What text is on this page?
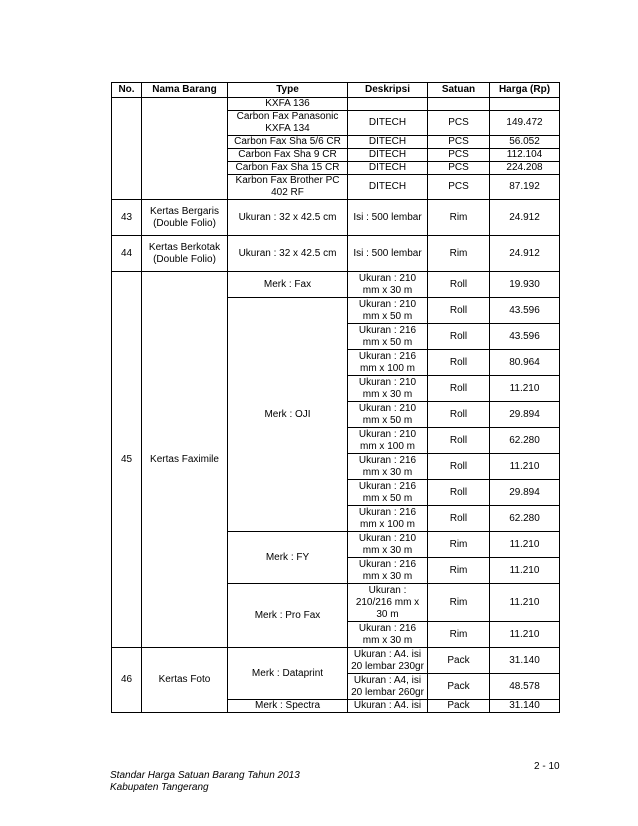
No.	Nama Barang	Type	Deskripsi	Satuan	Harga (Rp)
		KXFA 136			
		Carbon Fax Panasonic KXFA 134	DITECH	PCS	149.472
		Carbon Fax Sha 5/6 CR	DITECH	PCS	56.052
		Carbon Fax Sha 9 CR	DITECH	PCS	112.104
		Carbon Fax Sha 15 CR	DITECH	PCS	224.208
		Karbon Fax Brother PC 402 RF	DITECH	PCS	87.192
43	Kertas Bergaris (Double Folio)	Ukuran : 32 x 42.5 cm	Isi : 500 lembar	Rim	24.912
44	Kertas Berkotak (Double Folio)	Ukuran : 32 x 42.5 cm	Isi : 500 lembar	Rim	24.912
45	Kertas Faximile	Merk : Fax	Ukuran : 210 mm x 30 m	Roll	19.930
		Merk : OJI	Ukuran : 210 mm x 50 m	Roll	43.596
			Ukuran : 216 mm x 50 m	Roll	43.596
			Ukuran : 216 mm x 100 m	Roll	80.964
			Ukuran : 210 mm x 30 m	Roll	11.210
			Ukuran : 210 mm x 50 m	Roll	29.894
			Ukuran : 210 mm x 100 m	Roll	62.280
			Ukuran : 216 mm x 30 m	Roll	11.210
			Ukuran : 216 mm x 50 m	Roll	29.894
			Ukuran : 216 mm x 100 m	Roll	62.280
		Merk : FY	Ukuran : 210 mm x 30 m	Rim	11.210
			Ukuran : 216 mm x 30 m	Rim	11.210
		Merk : Pro Fax	Ukuran : 210/216 mm x 30 m	Rim	11.210
			Ukuran : 216 mm x 30 m	Rim	11.210
46	Kertas Foto	Merk : Dataprint	Ukuran : A4. isi 20 lembar 230gr	Pack	31.140
			Ukuran : A4, isi 20 lembar 260gr	Pack	48.578
		Merk : Spectra	Ukuran : A4. isi	Pack	31.140
2 - 10
Standar Harga Satuan Barang Tahun 2013
Kabupaten Tangerang
